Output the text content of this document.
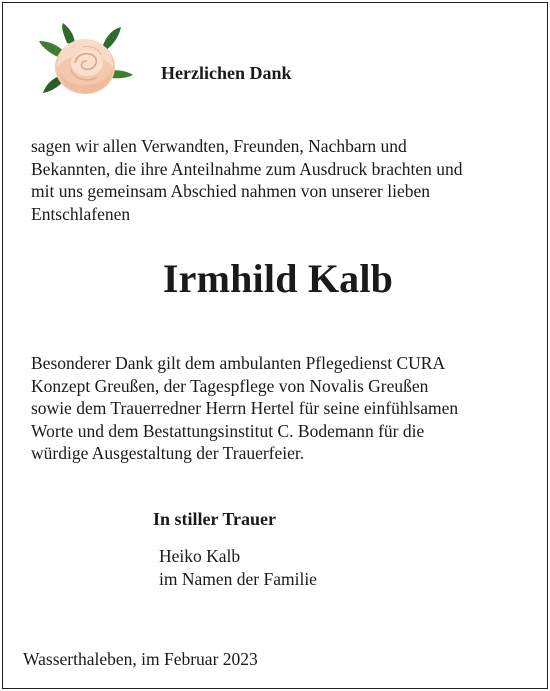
Herzlichen Dank
sagen wir allen Verwandten, Freunden, Nachbarn und
Bekannten, die ihre Anteilnahme zum Ausdruck brachten und
mit uns gemeinsam Abschied nahmen von unserer lieben
Entschlafenen
Irmhild Kalb
Besonderer Dank gilt dem ambulanten Pflegedienst CURA
Konzept Greußen, der Tagespflege von Novalis Greußen
sowie dem Trauerredner Herrn Hertel für seine einfühlsamen
Worte und dem Bestattungsinstitut C. Bodemann für die
würdige Ausgestaltung der Trauerfeier.
In stiller Trauer
Heiko Kalb
im Namen der Familie
Wasserthaleben, im Februar 2023
